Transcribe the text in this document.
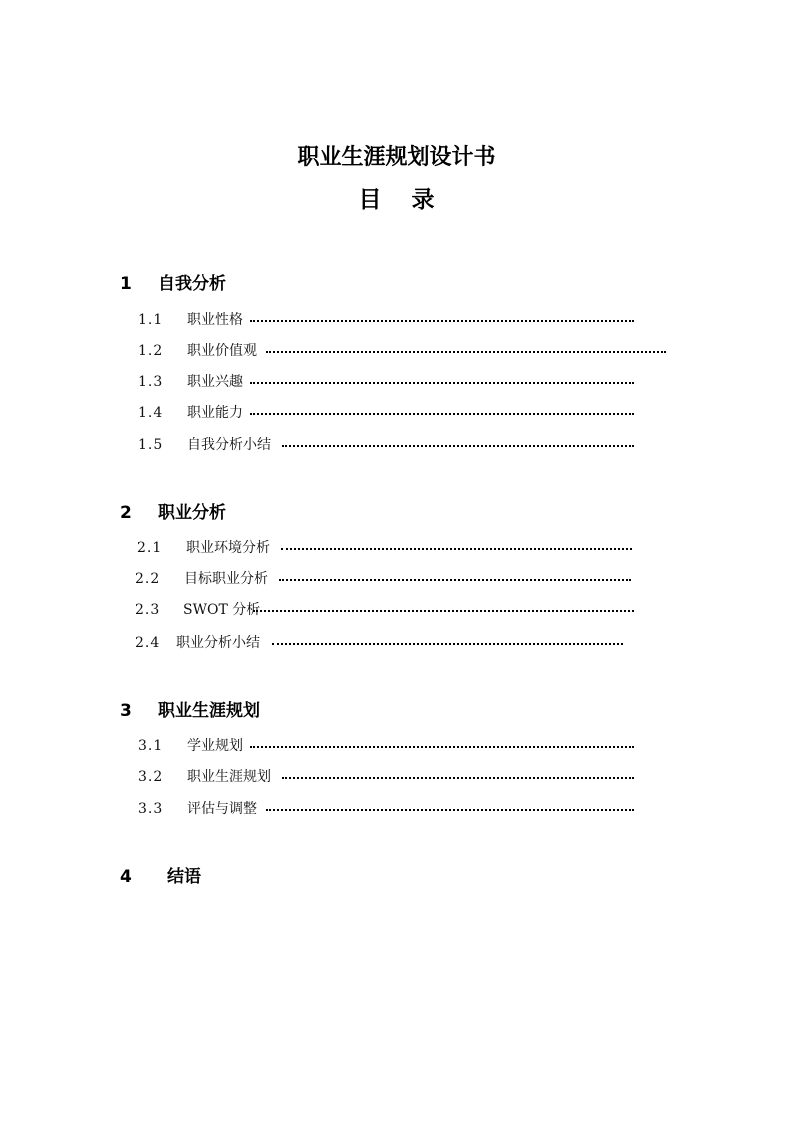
职业生涯规划设计书
目 录
1 自我分析
1.1 职业性格
1.2 职业价值观
1.3 职业兴趣
1.4 职业能力
1.5 自我分析小结
2 职业分析
2.1 职业环境分析
2.2 目标职业分析
2.3 SWOT 分析
2.4 职业分析小结
3 职业生涯规划
3.1 学业规划
3.2 职业生涯规划
3.3 评估与调整
4 结语
